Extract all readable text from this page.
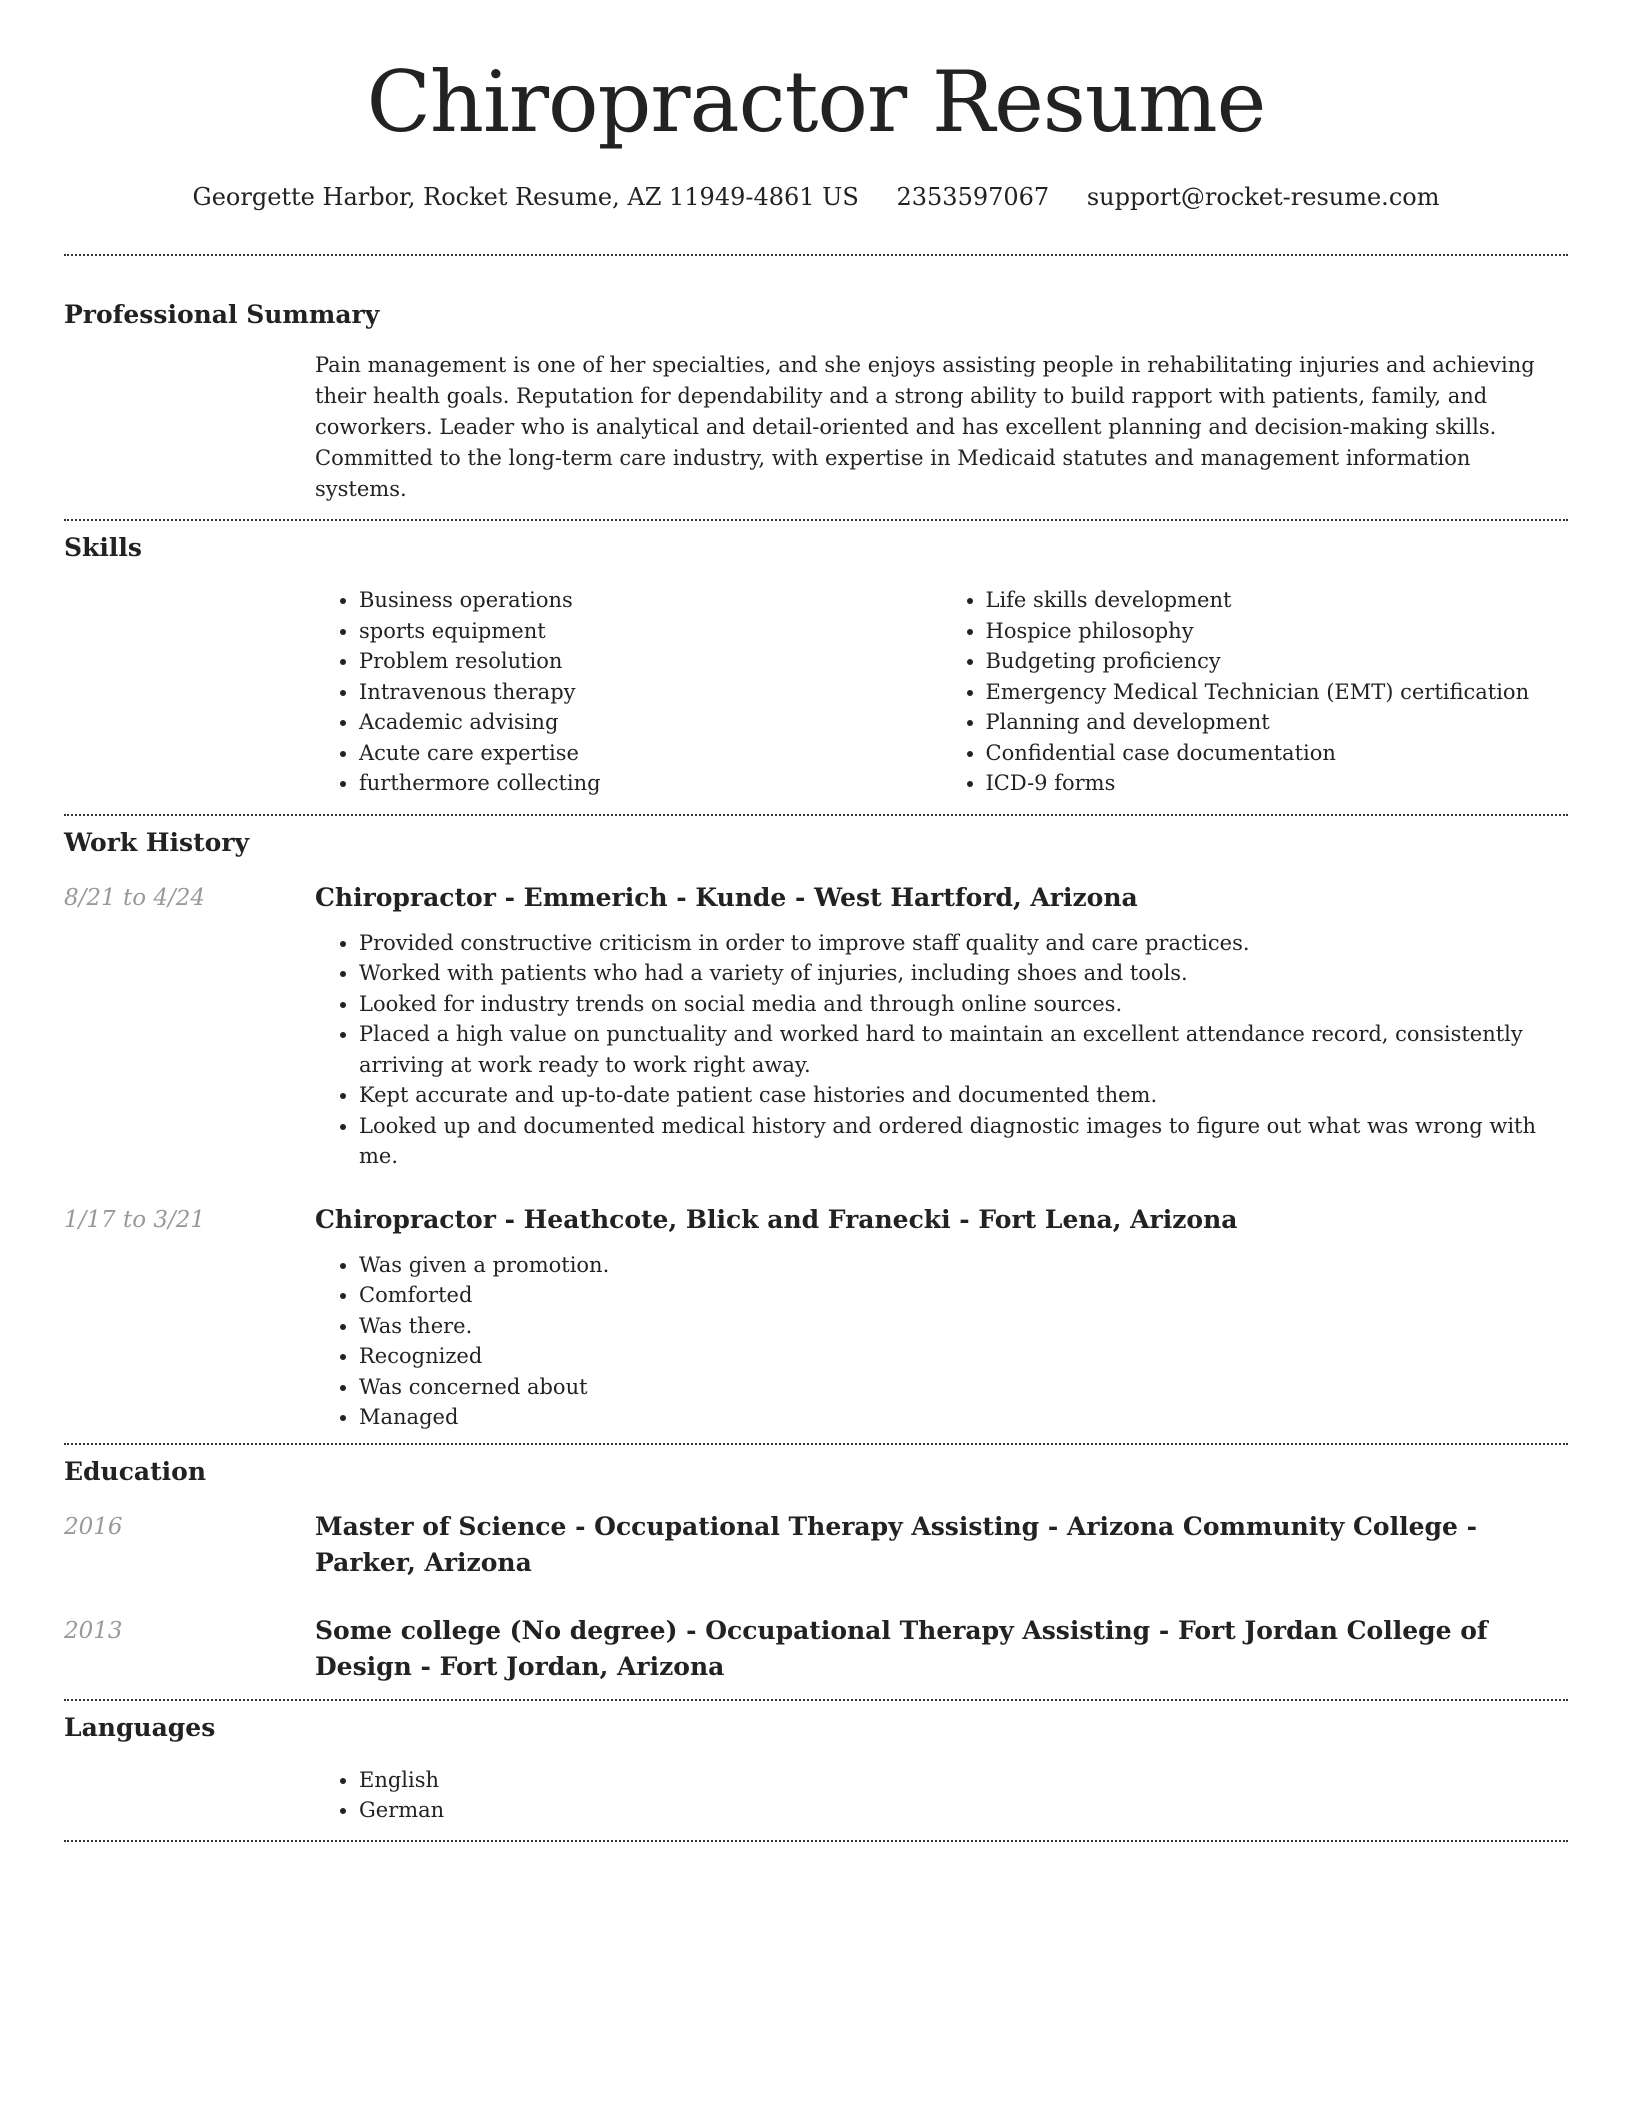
Chiropractor Resume
Georgette Harbor, Rocket Resume, AZ 11949-4861 US 2353597067 support@rocket-resume.com
Professional Summary

Pain management is one of her specialties, and she enjoys assisting people in rehabilitating injuries and achieving their health goals. Reputation for dependability and a strong ability to build rapport with patients, family, and coworkers. Leader who is analytical and detail-oriented and has excellent planning and decision-making skills. Committed to the long-term care industry, with expertise in Medicaid statutes and management information systems.

Skills
• Business operations
• sports equipment
• Problem resolution
• Intravenous therapy
• Academic advising
• Acute care expertise
• furthermore collecting
• Life skills development
• Hospice philosophy
• Budgeting proficiency
• Emergency Medical Technician (EMT) certification
• Planning and development
• Confidential case documentation
• ICD-9 forms
Work History
8/21 to 4/24	Chiropractor - Emmerich - Kunde - West Hartford, Arizona
• Provided constructive criticism in order to improve staff quality and care practices.
• Worked with patients who had a variety of injuries, including shoes and tools.
• Looked for industry trends on social media and through online sources.
• Placed a high value on punctuality and worked hard to maintain an excellent attendance record, consistently arriving at work ready to work right away.
• Kept accurate and up-to-date patient case histories and documented them.
• Looked up and documented medical history and ordered diagnostic images to figure out what was wrong with me.
1/17 to 3/21	Chiropractor - Heathcote, Blick and Franecki - Fort Lena, Arizona
• Was given a promotion.
• Comforted
• Was there.
• Recognized
• Was concerned about
• Managed
Education
2016	Master of Science - Occupational Therapy Assisting - Arizona Community College - Parker, Arizona
2013	Some college (No degree) - Occupational Therapy Assisting - Fort Jordan College of Design - Fort Jordan, Arizona
Languages
• English
• German
